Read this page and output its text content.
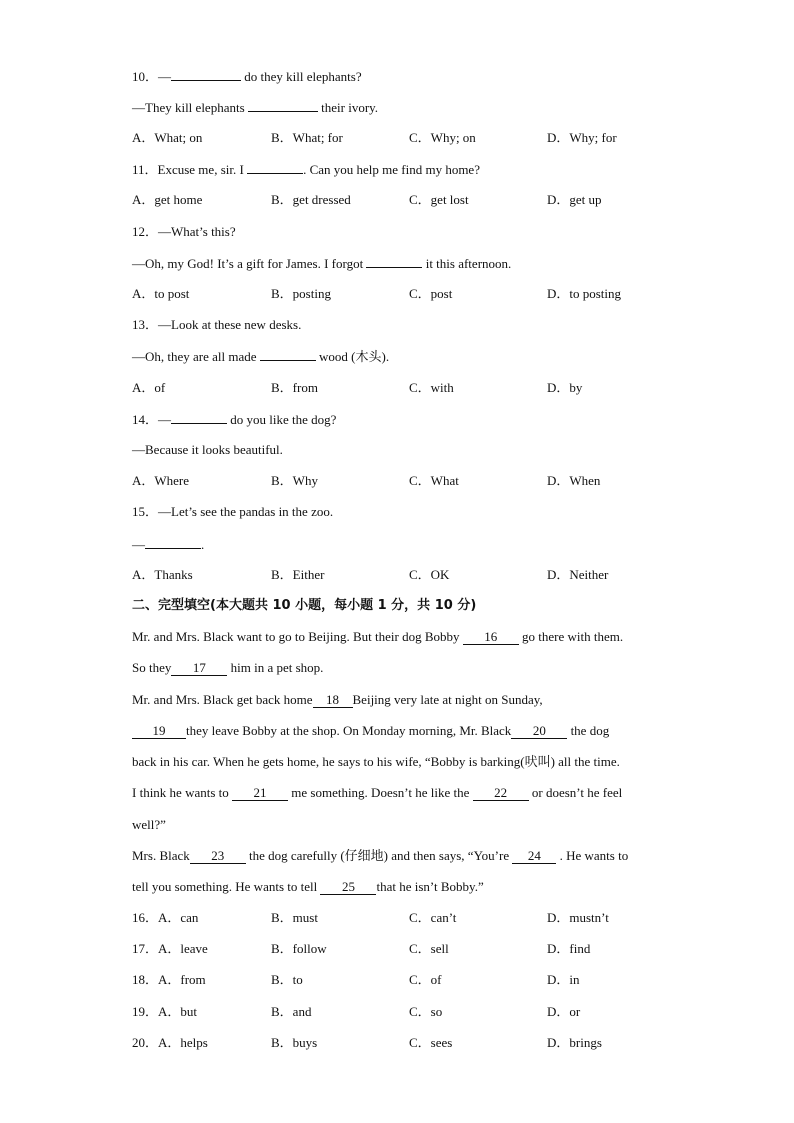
10．—	do they kill elephants?
—They kill elephants	their ivory.
A．What; on	B．What; for	C．Why; on	D．Why; for
11．Excuse me, sir. I	. Can you help me find my home?
A．get home	B．get dressed	C．get lost	D．get up
12．—What’s this?
—Oh, my God! It’s a gift for James. I forgot	it this afternoon.
A．to post	B．posting	C．post	D．to posting
13．—Look at these new desks.
—Oh, they are all made	wood (木头).
A．of	B．from	C．with	D．by
14．—	do you like the dog?
—Because it looks beautiful.
A．Where	B．Why	C．What	D．When
15．—Let’s see the pandas in the zoo.
—	.
A．Thanks	B．Either	C．OK	D．Neither
二、完型填空(本大题共 10 小题，每小题 1 分，共 10 分)
Mr. and Mrs. Black want to go to Beijing. But their dog Bobby 16 go there with them.
So they 17 him in a pet shop.
Mr. and Mrs. Black get back home 18 Beijing very late at night on Sunday,
19 they leave Bobby at the shop. On Monday morning, Mr. Black 20 the dog
back in his car. When he gets home, he says to his wife, “Bobby is barking(吠叫) all the time.
I think he wants to 21 me something. Doesn’t he like the 22 or doesn’t he feel
well?”
Mrs. Black 23 the dog carefully (仔细地) and then says, “You’re 24 . He wants to
tell you something. He wants to tell 25 that he isn’t Bobby.”
16．A．can	B．must	C．can’t	D．mustn’t
17．A．leave	B．follow	C．sell	D．find
18．A．from	B．to	C．of	D．in
19．A．but	B．and	C．so	D．or
20．A．helps	B．buys	C．sees	D．brings
